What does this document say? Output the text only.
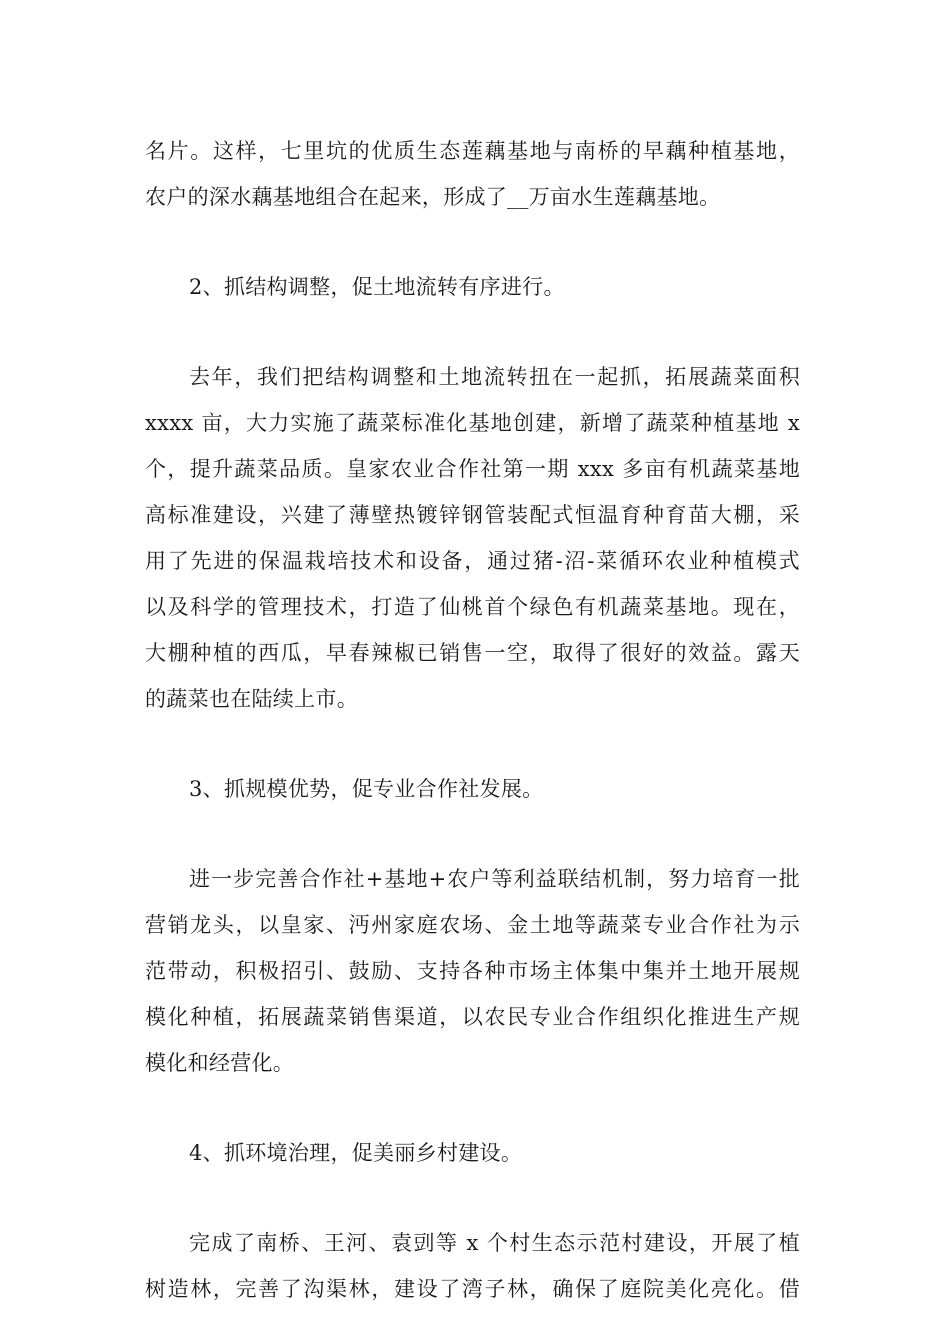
名片。这样，七里坑的优质生态莲藕基地与南桥的早藕种植基地，
农户的深水藕基地组合在起来，形成了__万亩水生莲藕基地。
2、抓结构调整，促土地流转有序进行。
去年，我们把结构调整和土地流转扭在一起抓，拓展蔬菜面积
xxxx 亩，大力实施了蔬菜标准化基地创建，新增了蔬菜种植基地 x
个，提升蔬菜品质。皇家农业合作社第一期 xxx 多亩有机蔬菜基地
高标准建设，兴建了薄壁热镀锌钢管装配式恒温育种育苗大棚，采
用了先进的保温栽培技术和设备，通过猪-沼-菜循环农业种植模式
以及科学的管理技术，打造了仙桃首个绿色有机蔬菜基地。现在，
大棚种植的西瓜，早春辣椒已销售一空，取得了很好的效益。露天
的蔬菜也在陆续上市。
3、抓规模优势，促专业合作社发展。
进一步完善合作社+基地+农户等利益联结机制，努力培育一批
营销龙头，以皇家、沔州家庭农场、金土地等蔬菜专业合作社为示
范带动，积极招引、鼓励、支持各种市场主体集中集并土地开展规
模化种植，拓展蔬菜销售渠道，以农民专业合作组织化推进生产规
模化和经营化。
4、抓环境治理，促美丽乡村建设。
完成了南桥、王河、袁剅等 x 个村生态示范村建设，开展了植
树造林，完善了沟渠林，建设了湾子林，确保了庭院美化亮化。借
